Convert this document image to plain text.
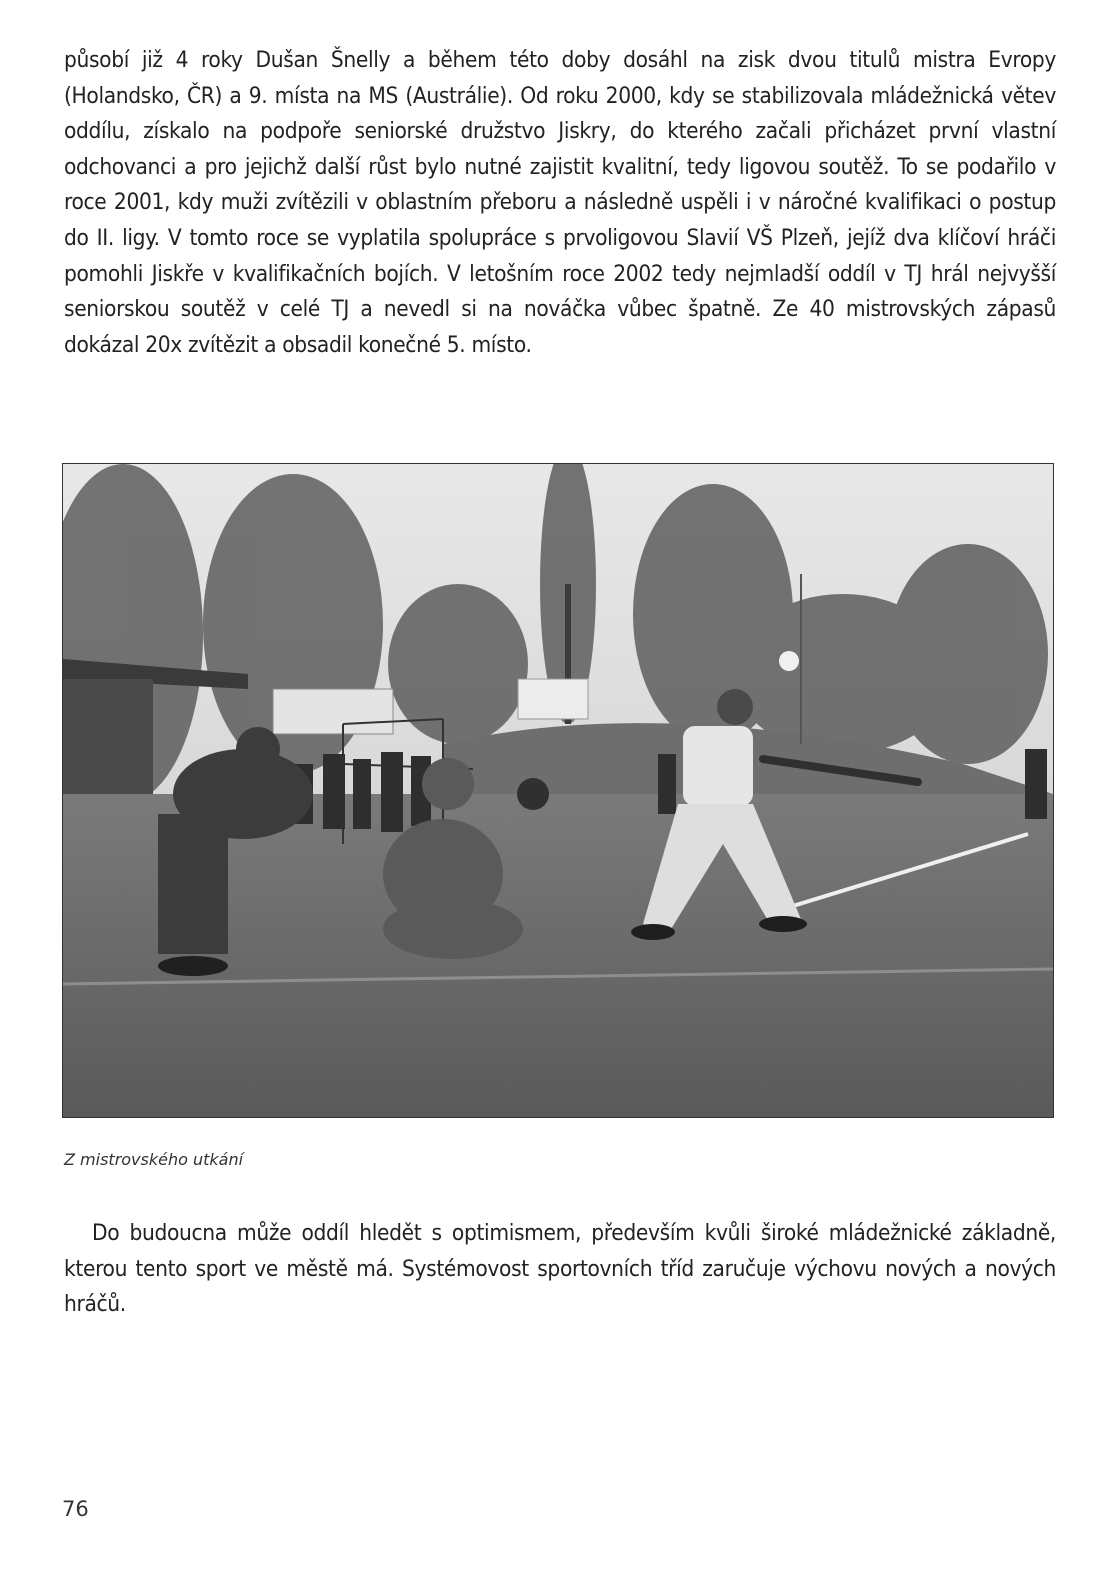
působí již 4 roky Dušan Šnelly a během této doby dosáhl na zisk dvou titulů mistra Evropy (Holandsko, ČR) a 9. místa na MS (Austrálie). Od roku 2000, kdy se stabilizovala mládežnická větev oddílu, získalo na podpoře seniorské družstvo Jiskry, do kterého začali přicházet první vlastní odchovanci a pro jejichž další růst bylo nutné zajistit kvalitní, tedy ligovou soutěž. To se podařilo v roce 2001, kdy muži zvítězili v oblastním přeboru a následně uspěli i v náročné kvalifikaci o postup do II. ligy. V tomto roce se vyplatila spolupráce s prvoligovou Slavií VŠ Plzeň, jejíž dva klíčoví hráči pomohli Jiskře v kvalifikačních bojích. V letošním roce 2002 tedy nejmladší oddíl v TJ hrál nejvyšší seniorskou soutěž v celé TJ a nevedl si na nováčka vůbec špatně. Ze 40 mistrovských zápasů dokázal 20x zvítězit a obsadil konečné 5. místo.
Z mistrovského utkání
Do budoucna může oddíl hledět s optimismem, především kvůli široké mládežnické základně, kterou tento sport ve městě má. Systémovost sportovních tříd zaručuje výchovu nových a nových hráčů.
76
